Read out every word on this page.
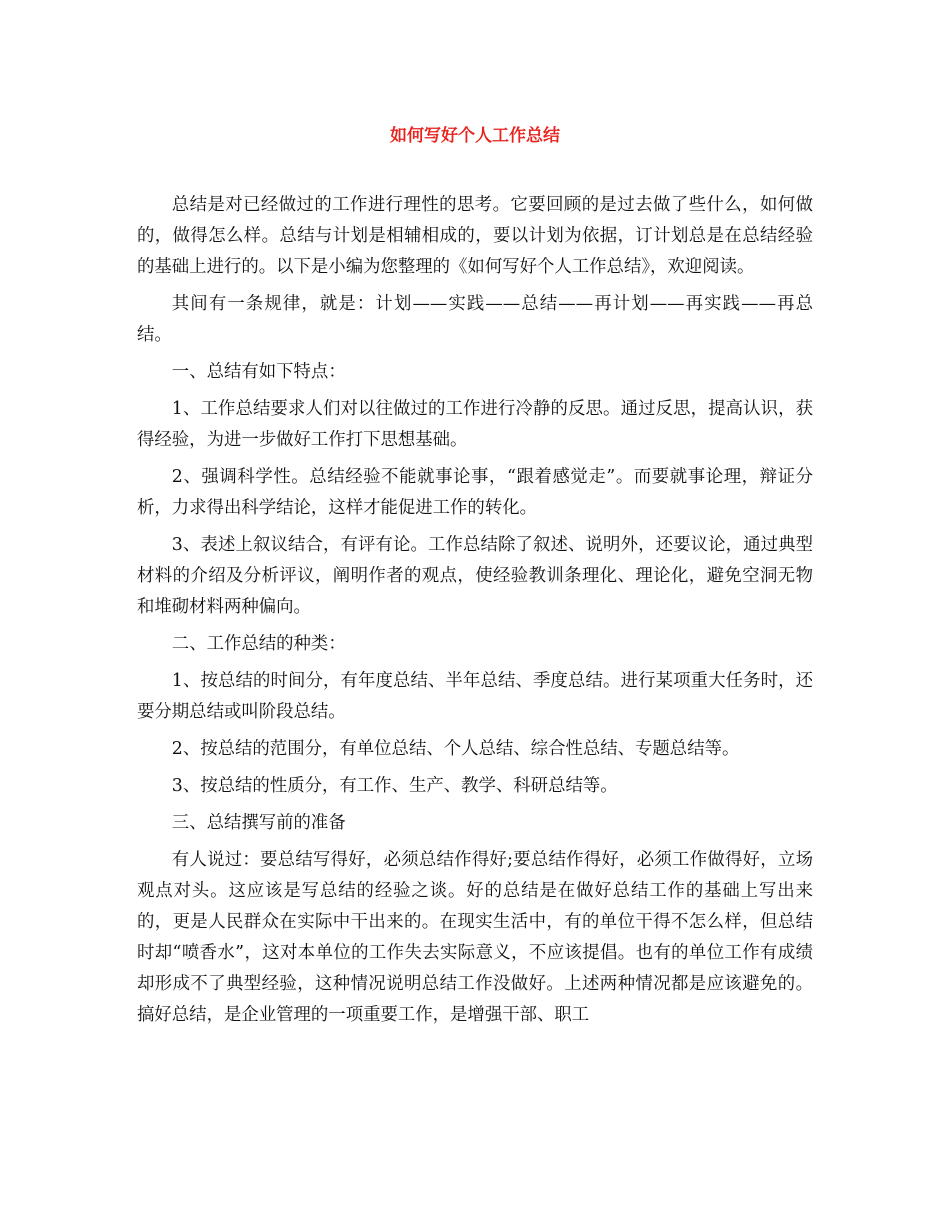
如何写好个人工作总结

总结是对已经做过的工作进行理性的思考。它要回顾的是过去做了些什么，如何做的，做得怎么样。总结与计划是相辅相成的，要以计划为依据，订计划总是在总结经验的基础上进行的。以下是小编为您整理的《如何写好个人工作总结》，欢迎阅读。

其间有一条规律，就是：计划——实践——总结——再计划——再实践——再总结。

一、总结有如下特点：

1、工作总结要求人们对以往做过的工作进行冷静的反思。通过反思，提高认识，获得经验，为进一步做好工作打下思想基础。

2、强调科学性。总结经验不能就事论事，“跟着感觉走”。而要就事论理，辩证分析，力求得出科学结论，这样才能促进工作的转化。

3、表述上叙议结合，有评有论。工作总结除了叙述、说明外，还要议论，通过典型材料的介绍及分析评议，阐明作者的观点，使经验教训条理化、理论化，避免空洞无物和堆砌材料两种偏向。

二、工作总结的种类：

1、按总结的时间分，有年度总结、半年总结、季度总结。进行某项重大任务时，还要分期总结或叫阶段总结。

2、按总结的范围分，有单位总结、个人总结、综合性总结、专题总结等。

3、按总结的性质分，有工作、生产、教学、科研总结等。

三、总结撰写前的准备

有人说过：要总结写得好，必须总结作得好;要总结作得好，必须工作做得好，立场观点对头。这应该是写总结的经验之谈。好的总结是在做好总结工作的基础上写出来的，更是人民群众在实际中干出来的。在现实生活中，有的单位干得不怎么样，但总结时却“喷香水”，这对本单位的工作失去实际意义，不应该提倡。也有的单位工作有成绩却形成不了典型经验，这种情况说明总结工作没做好。上述两种情况都是应该避免的。搞好总结，是企业管理的一项重要工作，是增强干部、职工
